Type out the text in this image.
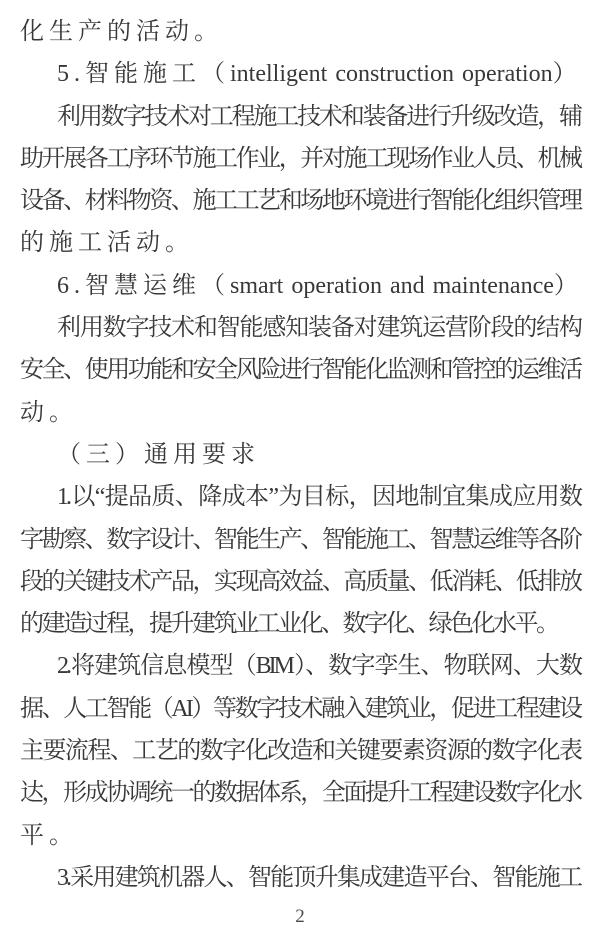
化生产的活动。
5.智能施工（intelligent construction operation）
利用数字技术对工程施工技术和装备进行升级改造，辅
助开展各工序环节施工作业，并对施工现场作业人员、机械
设备、材料物资、施工工艺和场地环境进行智能化组织管理
的施工活动。
6.智慧运维（smart operation and maintenance）
利用数字技术和智能感知装备对建筑运营阶段的结构
安全、使用功能和安全风险进行智能化监测和管控的运维活
动。
（三）通用要求
1.以“提品质、降成本”为目标，因地制宜集成应用数
字勘察、数字设计、智能生产、智能施工、智慧运维等各阶
段的关键技术产品，实现高效益、高质量、低消耗、低排放
的建造过程，提升建筑业工业化、数字化、绿色化水平。
2.将建筑信息模型（BIM）、数字孪生、物联网、大数
据、人工智能（AI）等数字技术融入建筑业，促进工程建设
主要流程、工艺的数字化改造和关键要素资源的数字化表
达，形成协调统一的数据体系，全面提升工程建设数字化水
平。
3.采用建筑机器人、智能顶升集成建造平台、智能施工
2
